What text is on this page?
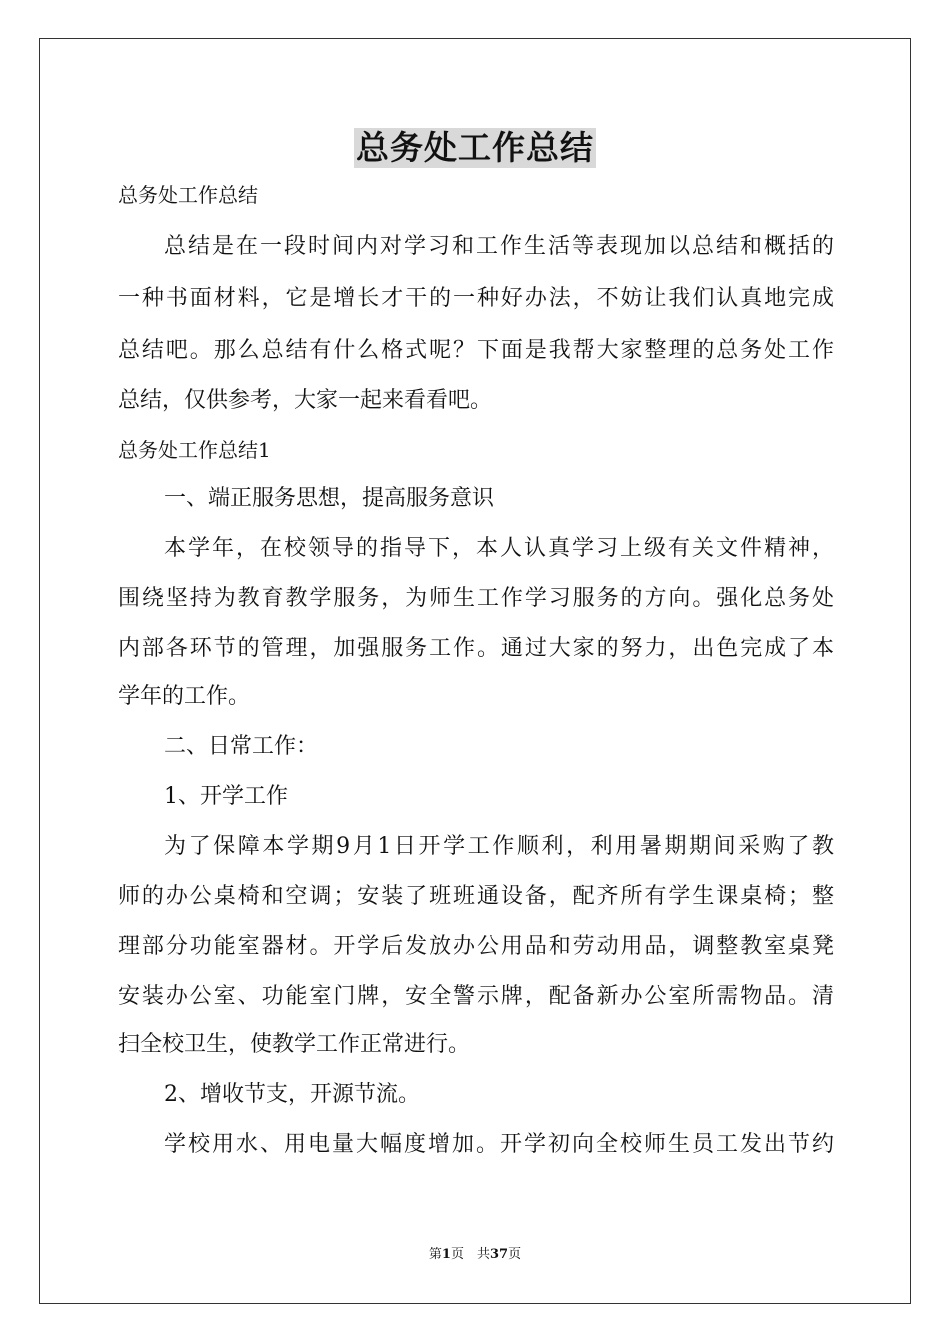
总务处工作总结
总务处工作总结
总结是在一段时间内对学习和工作生活等表现加以总结和概括的
一种书面材料，它是增长才干的一种好办法，不妨让我们认真地完成
总结吧。那么总结有什么格式呢？下面是我帮大家整理的总务处工作
总结，仅供参考，大家一起来看看吧。
总务处工作总结1
一、端正服务思想，提高服务意识
本学年，在校领导的指导下，本人认真学习上级有关文件精神，
围绕坚持为教育教学服务，为师生工作学习服务的方向。强化总务处
内部各环节的管理，加强服务工作。通过大家的努力，出色完成了本
学年的工作。
二、日常工作：
1、开学工作
为了保障本学期9月1日开学工作顺利，利用暑期期间采购了教
师的办公桌椅和空调；安装了班班通设备，配齐所有学生课桌椅；整
理部分功能室器材。开学后发放办公用品和劳动用品，调整教室桌凳
安装办公室、功能室门牌，安全警示牌，配备新办公室所需物品。清
扫全校卫生，使教学工作正常进行。
2、增收节支，开源节流。
学校用水、用电量大幅度增加。开学初向全校师生员工发出节约
第1页　共37页
